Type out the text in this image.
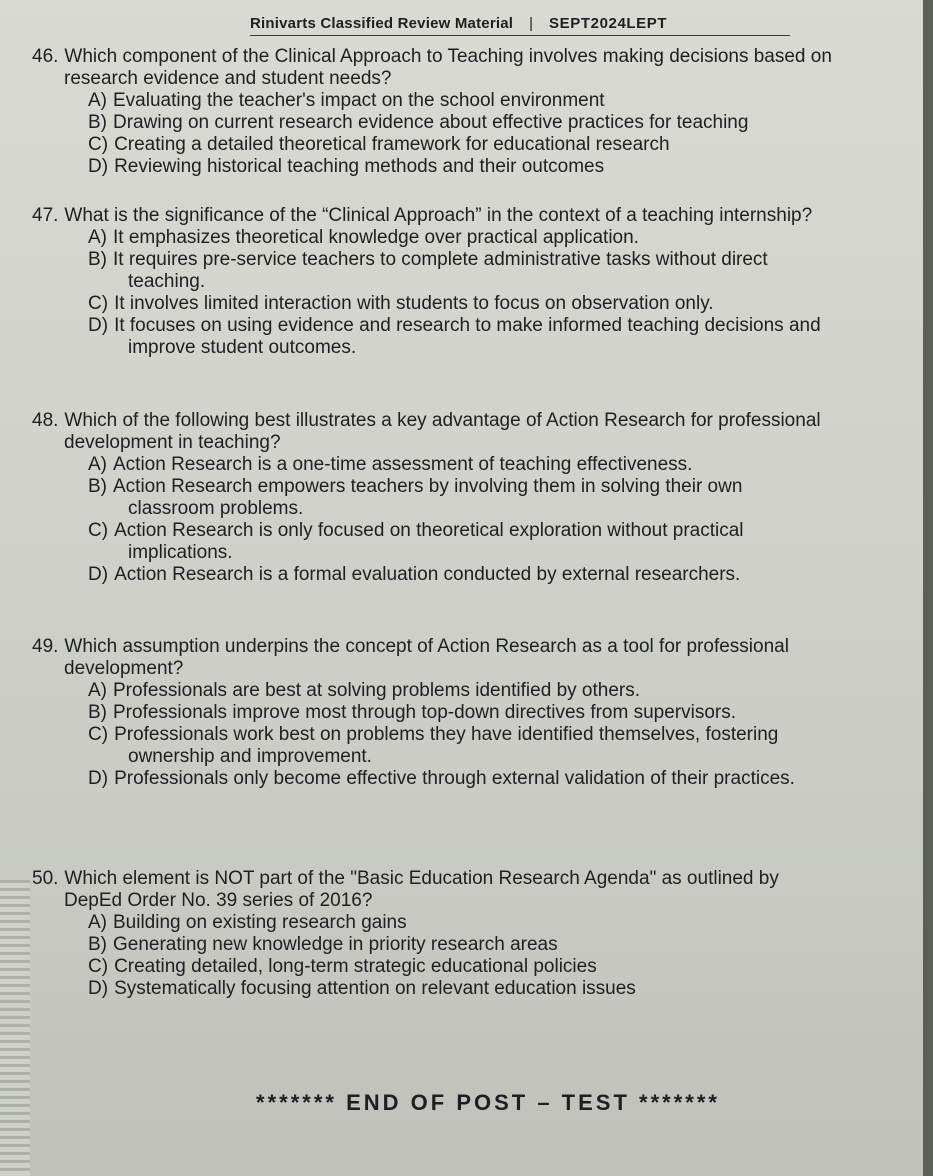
Rinivarts Classified Review Material | SEPT2024LEPT

46. Which component of the Clinical Approach to Teaching involves making decisions based on research evidence and student needs?

A) Evaluating the teacher's impact on the school environment
B) Drawing on current research evidence about effective practices for teaching
C) Creating a detailed theoretical framework for educational research
D) Reviewing historical teaching methods and their outcomes

47. What is the significance of the “Clinical Approach” in the context of a teaching internship?

A) It emphasizes theoretical knowledge over practical application.
B) It requires pre-service teachers to complete administrative tasks without direct teaching.
C) It involves limited interaction with students to focus on observation only.
D) It focuses on using evidence and research to make informed teaching decisions and improve student outcomes.

48. Which of the following best illustrates a key advantage of Action Research for professional development in teaching?

A) Action Research is a one-time assessment of teaching effectiveness.
B) Action Research empowers teachers by involving them in solving their own classroom problems.
C) Action Research is only focused on theoretical exploration without practical implications.
D) Action Research is a formal evaluation conducted by external researchers.

49. Which assumption underpins the concept of Action Research as a tool for professional development?

A) Professionals are best at solving problems identified by others.
B) Professionals improve most through top-down directives from supervisors.
C) Professionals work best on problems they have identified themselves, fostering ownership and improvement.
D) Professionals only become effective through external validation of their practices.

50. Which element is NOT part of the "Basic Education Research Agenda" as outlined by DepEd Order No. 39 series of 2016?

A) Building on existing research gains
B) Generating new knowledge in priority research areas
C) Creating detailed, long-term strategic educational policies
D) Systematically focusing attention on relevant education issues
******* END OF POST – TEST *******
